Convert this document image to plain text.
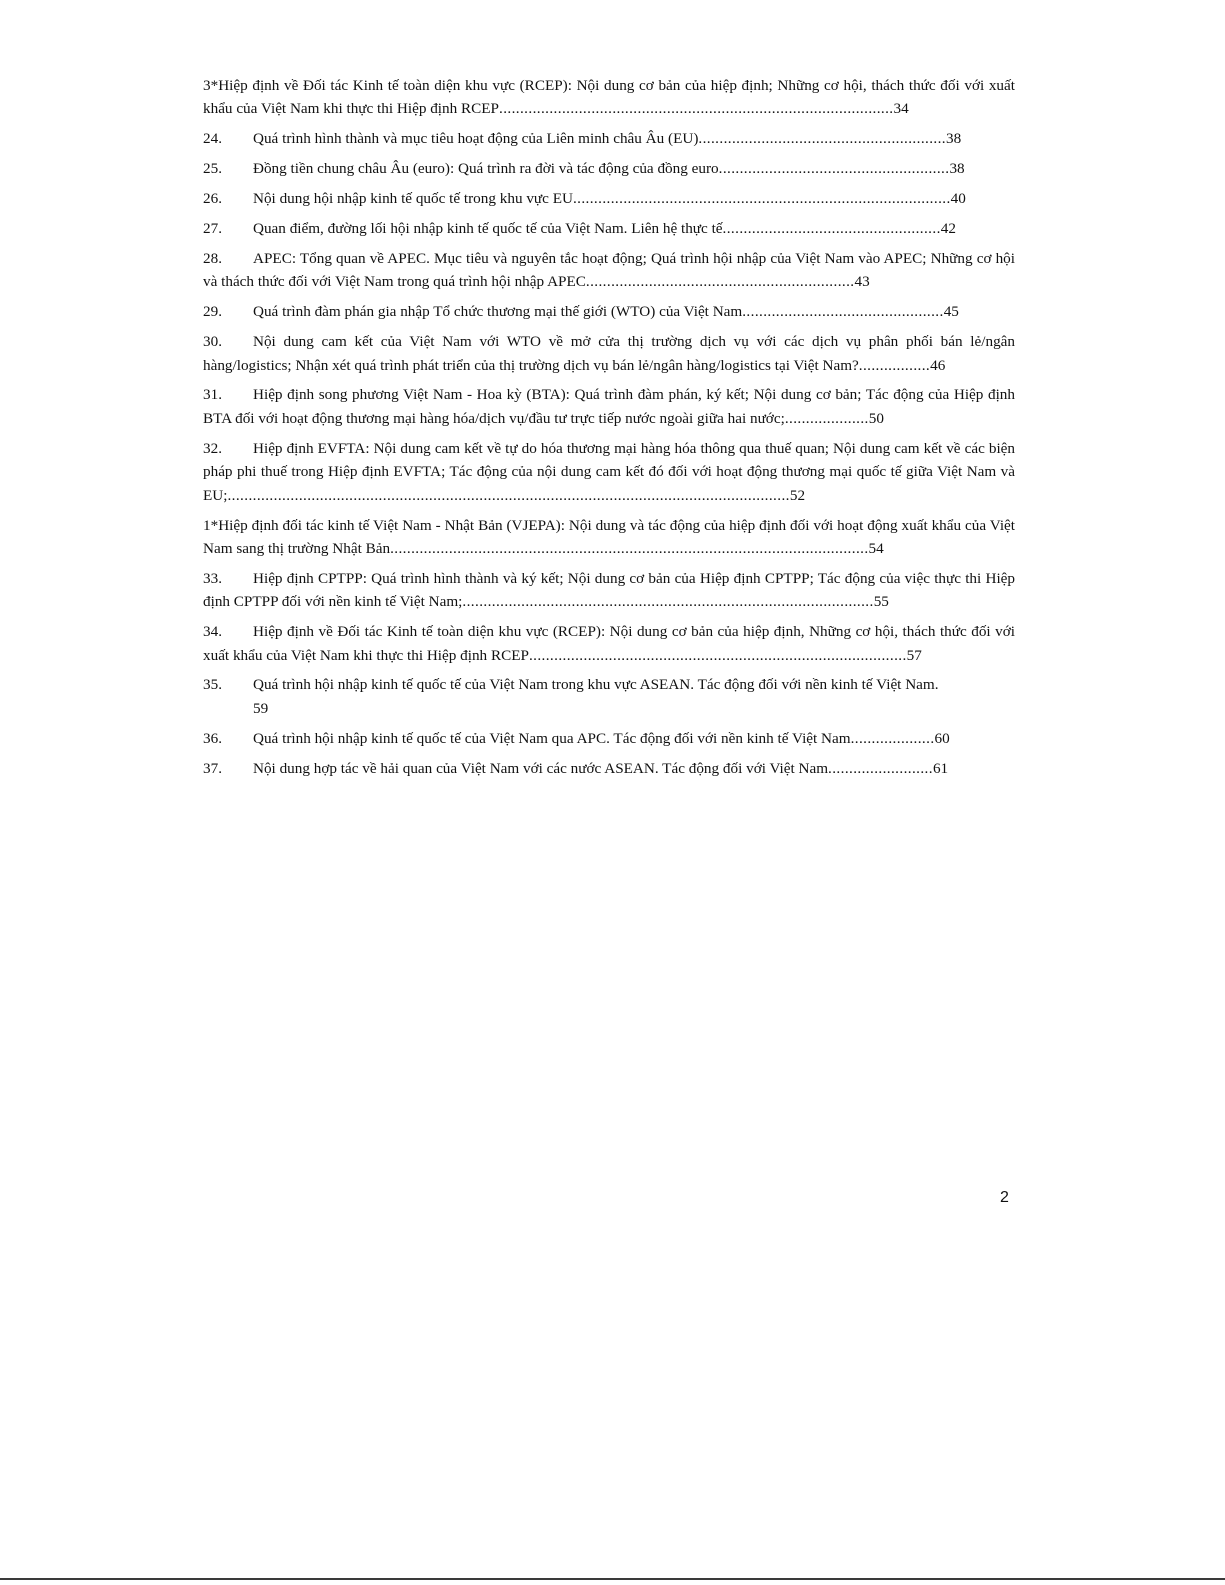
3*Hiệp định về Đối tác Kinh tế toàn diện khu vực (RCEP): Nội dung cơ bản của hiệp định; Những cơ hội, thách thức đối với xuất khẩu của Việt Nam khi thực thi Hiệp định RCEP..............................................................................................34
24. Quá trình hình thành và mục tiêu hoạt động của Liên minh châu Âu (EU)...........................................................38
25. Đồng tiền chung châu Âu (euro): Quá trình ra đời và tác động của đồng euro.......................................................38
26. Nội dung hội nhập kinh tế quốc tế trong khu vực EU..........................................................................................40
27. Quan điểm, đường lối hội nhập kinh tế quốc tế của Việt Nam. Liên hệ thực tế....................................................42
28. APEC: Tổng quan về APEC. Mục tiêu và nguyên tắc hoạt động; Quá trình hội nhập của Việt Nam vào APEC; Những cơ hội và thách thức đối với Việt Nam trong quá trình hội nhập APEC................................................................43
29. Quá trình đàm phán gia nhập Tổ chức thương mại thế giới (WTO) của Việt Nam................................................45
30. Nội dung cam kết của Việt Nam với WTO về mở cửa thị trường dịch vụ với các dịch vụ phân phối bán lẻ/ngân hàng/logistics; Nhận xét quá trình phát triển của thị trường dịch vụ bán lẻ/ngân hàng/logistics tại Việt Nam?.................46
31. Hiệp định song phương Việt Nam - Hoa kỳ (BTA): Quá trình đàm phán, ký kết; Nội dung cơ bản; Tác động của Hiệp định BTA đối với hoạt động thương mại hàng hóa/dịch vụ/đầu tư trực tiếp nước ngoài giữa hai nước;....................50
32. Hiệp định EVFTA: Nội dung cam kết về tự do hóa thương mại hàng hóa thông qua thuế quan; Nội dung cam kết về các biện pháp phi thuế trong Hiệp định EVFTA; Tác động của nội dung cam kết đó đối với hoạt động thương mại quốc tế giữa Việt Nam và EU;......................................................................................................................................52
1*Hiệp định đối tác kinh tế Việt Nam - Nhật Bản (VJEPA): Nội dung và tác động của hiệp định đối với hoạt động xuất khẩu của Việt Nam sang thị trường Nhật Bản..................................................................................................................54
33. Hiệp định CPTPP: Quá trình hình thành và ký kết; Nội dung cơ bản của Hiệp định CPTPP; Tác động của việc thực thi Hiệp định CPTPP đối với nền kinh tế Việt Nam;..................................................................................................55
34. Hiệp định về Đối tác Kinh tế toàn diện khu vực (RCEP): Nội dung cơ bản của hiệp định, Những cơ hội, thách thức đối với xuất khẩu của Việt Nam khi thực thi Hiệp định RCEP..........................................................................................57
35. Quá trình hội nhập kinh tế quốc tế của Việt Nam trong khu vực ASEAN. Tác động đối với nền kinh tế Việt Nam.
59
36. Quá trình hội nhập kinh tế quốc tế của Việt Nam qua APC. Tác động đối với nền kinh tế Việt Nam....................60
37. Nội dung hợp tác về hải quan của Việt Nam với các nước ASEAN. Tác động đối với Việt Nam.........................61
2
